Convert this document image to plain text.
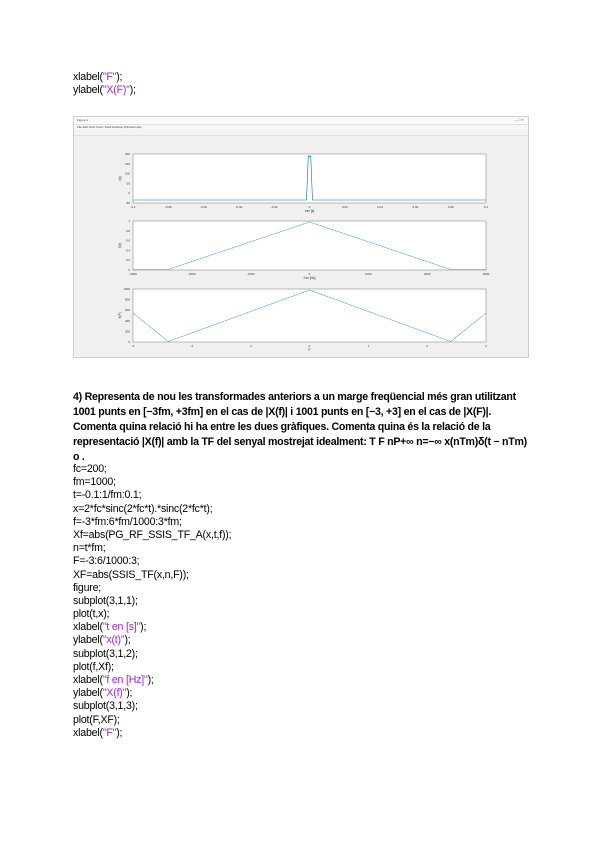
xlabel("F");
ylabel("X(F)");
Figure 1	– □ ×
File Edit View Insert Tools Desktop Window Help
-50
0
50
100
150
200
-0.1	-0.08	-0.06	-0.04	-0.02	0	0.02	0.04	0.06	0.08	0.1
x(t)
t en [s]
0
0.2
0.4
0.6
0.8
1
-3000	-2000	-1000	0	1000	2000	3000
X(f)
f en [Hz]
0
200
400
600
800
1000
-3	-2	-1	0	1	2	3
X(F)
F
4) Representa de nou les transformades anteriors a un marge freqüencial més gran utilitzant 1001 punts en [−3fm, +3fm] en el cas de |X(f)| i 1001 punts en [−3, +3] en el cas de |X(F)|. Comenta quina relació hi ha entre les dues gràfiques. Comenta quina és la relació de la representació |X(f)| amb la TF del senyal mostrejat idealment: T F nP+∞ n=−∞ x(nTm)δ(t − nTm) o .
fc=200;
fm=1000;
t=-0.1:1/fm:0.1;
x=2*fc*sinc(2*fc*t).*sinc(2*fc*t);
f=-3*fm:6*fm/1000:3*fm;
Xf=abs(PG_RF_SSIS_TF_A(x,t,f));
n=t*fm;
F=-3:6/1000:3;
XF=abs(SSIS_TF(x,n,F));
figure;
subplot(3,1,1);
plot(t,x);
xlabel("t en [s]");
ylabel("x(t)");
subplot(3,1,2);
plot(f,Xf);
xlabel("f en [Hz]");
ylabel("X(f)");
subplot(3,1,3);
plot(F,XF);
xlabel("F");
